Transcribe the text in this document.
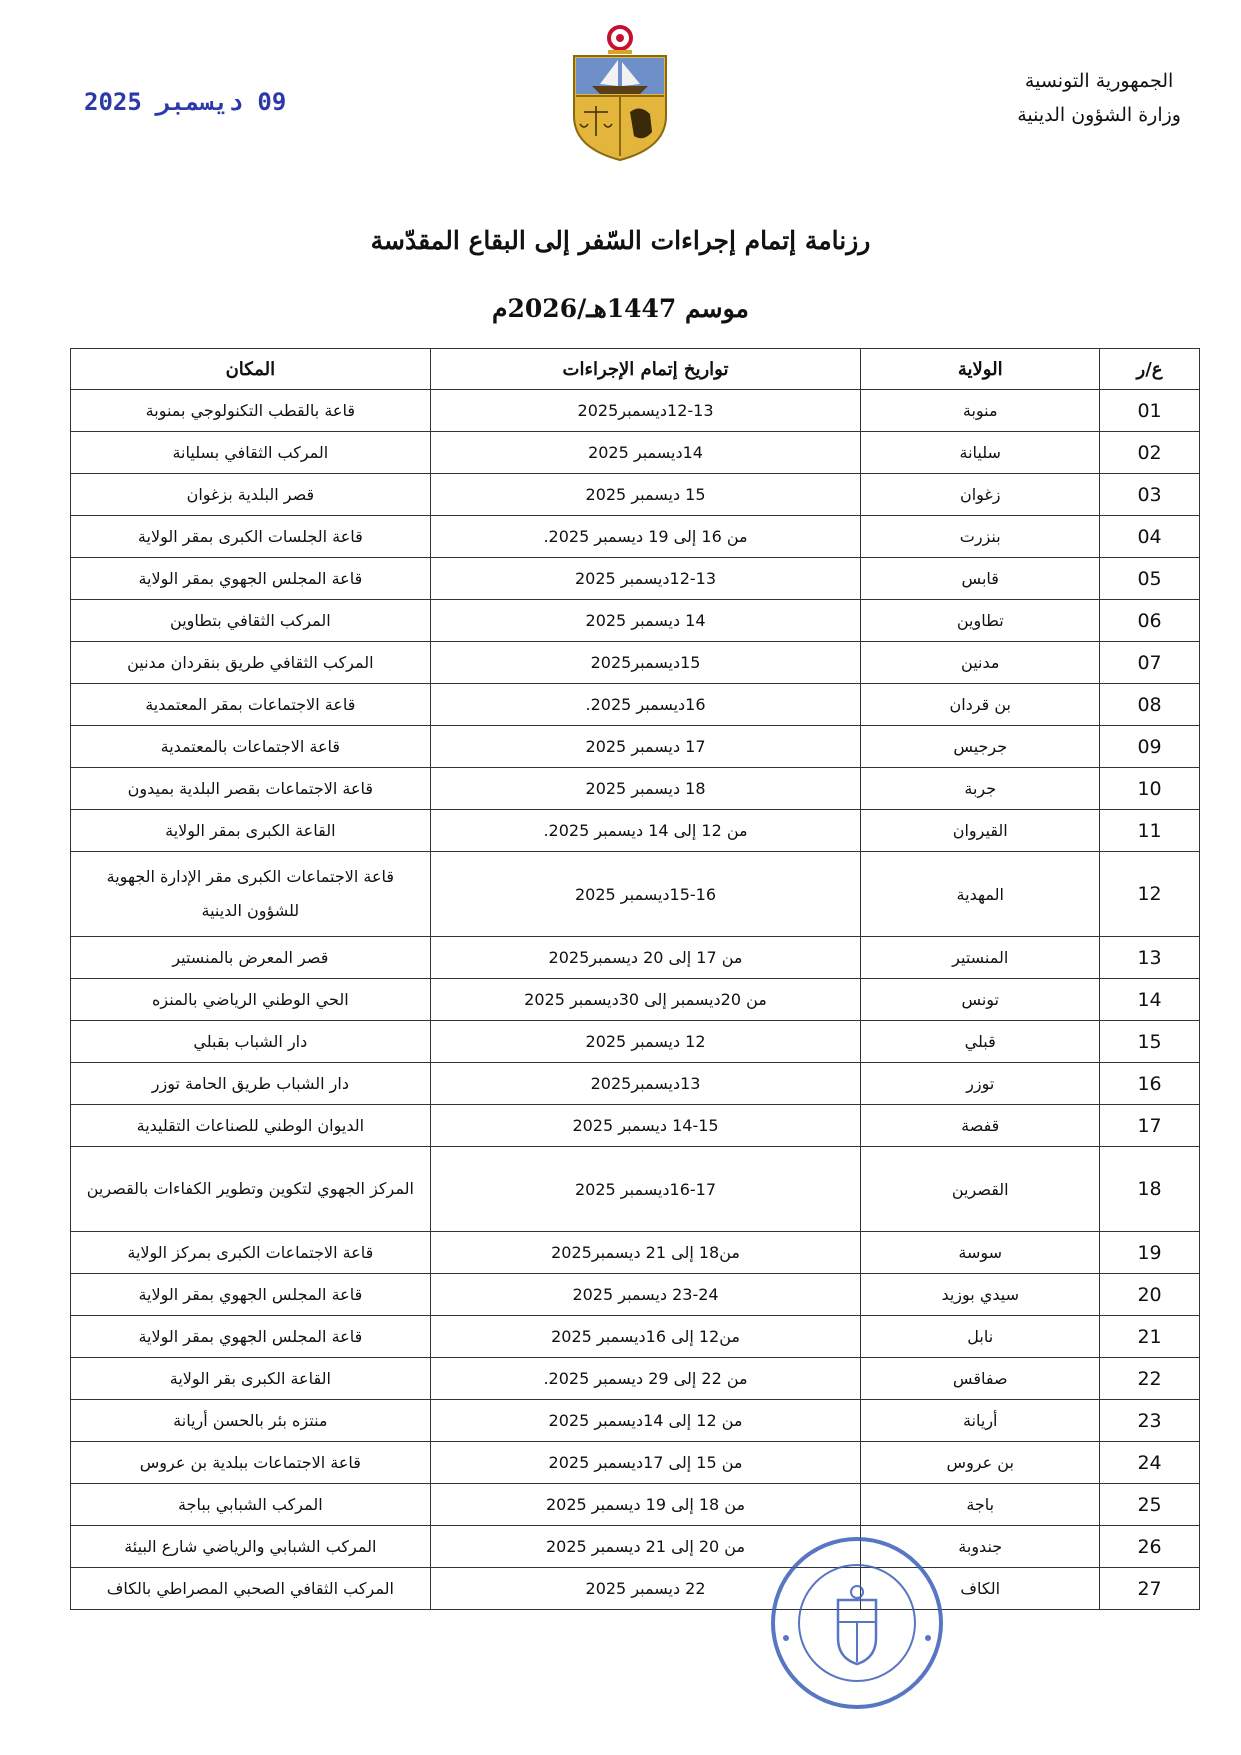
09 ديسمبر 2025
الجمهورية التونسية
وزارة الشؤون الدينية
رزنامة إتمام إجراءات السّفر إلى البقاع المقدّسة
موسم 1447هـ/2026م
ع/ر	الولاية	تواريخ إتمام الإجراءات	المكان
01	منوبة	12-13ديسمبر2025	قاعة بالقطب التكنولوجي بمنوبة
02	سليانة	14ديسمبر 2025	المركب الثقافي بسليانة
03	زغوان	15 ديسمبر 2025	قصر البلدية بزغوان
04	بنزرت	من 16 إلى 19 ديسمبر 2025.	قاعة الجلسات الكبرى بمقر الولاية
05	قابس	12-13ديسمبر 2025	قاعة المجلس الجهوي بمقر الولاية
06	تطاوين	14 ديسمبر 2025	المركب الثقافي بتطاوين
07	مدنين	15ديسمبر2025	المركب الثقافي طريق بنقردان مدنين
08	بن قردان	16ديسمبر 2025.	قاعة الاجتماعات بمقر المعتمدية
09	جرجيس	17 ديسمبر 2025	قاعة الاجتماعات بالمعتمدية
10	جربة	18 ديسمبر 2025	قاعة الاجتماعات بقصر البلدية بميدون
11	القيروان	من 12 إلى 14 ديسمبر 2025.	القاعة الكبرى بمقر الولاية
12	المهدية	15-16ديسمبر 2025	قاعة الاجتماعات الكبرى مقر الإدارة الجهوية للشؤون الدينية
13	المنستير	من 17 إلى 20 ديسمبر2025	قصر المعرض بالمنستير
14	تونس	من 20ديسمبر إلى 30ديسمبر 2025	الحي الوطني الرياضي بالمنزه
15	قبلي	12 ديسمبر 2025	دار الشباب بقبلي
16	توزر	13ديسمبر2025	دار الشباب طريق الحامة توزر
17	قفصة	14-15 ديسمبر 2025	الديوان الوطني للصناعات التقليدية
18	القصرين	16-17ديسمبر 2025	المركز الجهوي لتكوين وتطوير الكفاءات بالقصرين
19	سوسة	من18 إلى 21 ديسمبر2025	قاعة الاجتماعات الكبرى بمركز الولاية
20	سيدي بوزيد	23-24 ديسمبر 2025	قاعة المجلس الجهوي بمقر الولاية
21	نابل	من12 إلى 16ديسمبر 2025	قاعة المجلس الجهوي بمقر الولاية
22	صفاقس	من 22 إلى 29 ديسمبر 2025.	القاعة الكبرى بقر الولاية
23	أريانة	من 12 إلى 14ديسمبر 2025	منتزه بئر بالحسن أريانة
24	بن عروس	من 15 إلى 17ديسمبر 2025	قاعة الاجتماعات ببلدية بن عروس
25	باجة	من 18 إلى 19 ديسمبر 2025	المركب الشبابي بباجة
26	جندوبة	من 20 إلى 21 ديسمبر 2025	المركب الشبابي والرياضي شارع البيئة
27	الكاف	22 ديسمبر 2025	المركب الثقافي الصحبي المصراطي بالكاف
